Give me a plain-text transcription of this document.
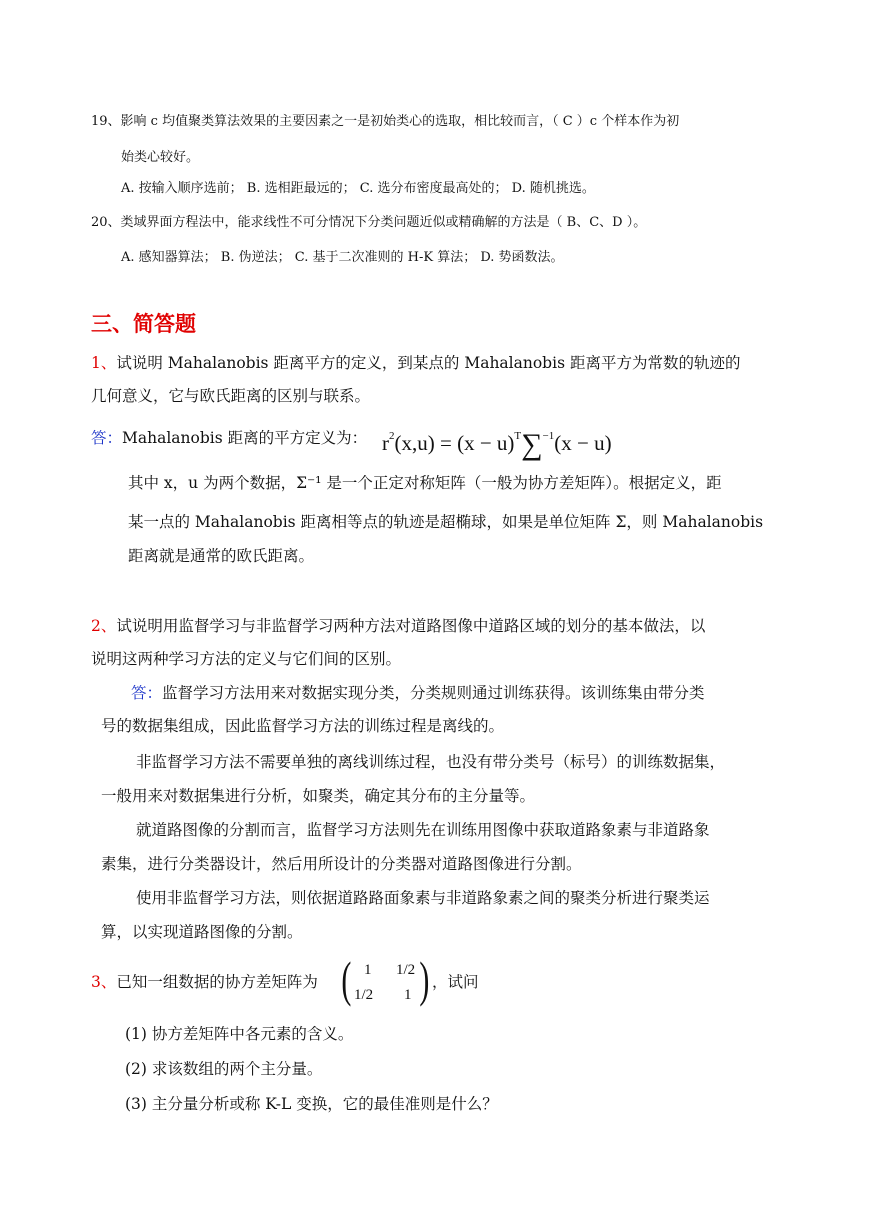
19、影响 c 均值聚类算法效果的主要因素之一是初始类心的选取，相比较而言，（ C ）c 个样本作为初
始类心较好。
A. 按输入顺序选前； B. 选相距最远的； C. 选分布密度最高处的； D. 随机挑选。
20、类域界面方程法中，能求线性不可分情况下分类问题近似或精确解的方法是（ B、C、D ）。
A. 感知器算法； B. 伪逆法； C. 基于二次准则的 H-K 算法； D. 势函数法。
三、简答题
1、试说明 Mahalanobis 距离平方的定义，到某点的 Mahalanobis 距离平方为常数的轨迹的
几何意义，它与欧氏距离的区别与联系。
答：Mahalanobis 距离的平方定义为： $r^2(x,u) = (x - u)^T\sum^{-1}(x - u)$
其中 x，u 为两个数据，Σ⁻¹ 是一个正定对称矩阵（一般为协方差矩阵）。根据定义，距
某一点的 Mahalanobis 距离相等点的轨迹是超椭球，如果是单位矩阵 Σ，则 Mahalanobis
距离就是通常的欧氏距离。
2、试说明用监督学习与非监督学习两种方法对道路图像中道路区域的划分的基本做法，以
说明这两种学习方法的定义与它们间的区别。
答：监督学习方法用来对数据实现分类，分类规则通过训练获得。该训练集由带分类
号的数据集组成，因此监督学习方法的训练过程是离线的。
非监督学习方法不需要单独的离线训练过程，也没有带分类号（标号）的训练数据集，
一般用来对数据集进行分析，如聚类，确定其分布的主分量等。
就道路图像的分割而言，监督学习方法则先在训练用图像中获取道路象素与非道路象
素集，进行分类器设计，然后用所设计的分类器对道路图像进行分割。
使用非监督学习方法，则依据道路路面象素与非道路象素之间的聚类分析进行聚类运
算，以实现道路图像的分割。
3、已知一组数据的协方差矩阵为 ( 1 1/2
1/2 1 ) ，试问
(1) 协方差矩阵中各元素的含义。
(2) 求该数组的两个主分量。
(3) 主分量分析或称 K-L 变换，它的最佳准则是什么？
